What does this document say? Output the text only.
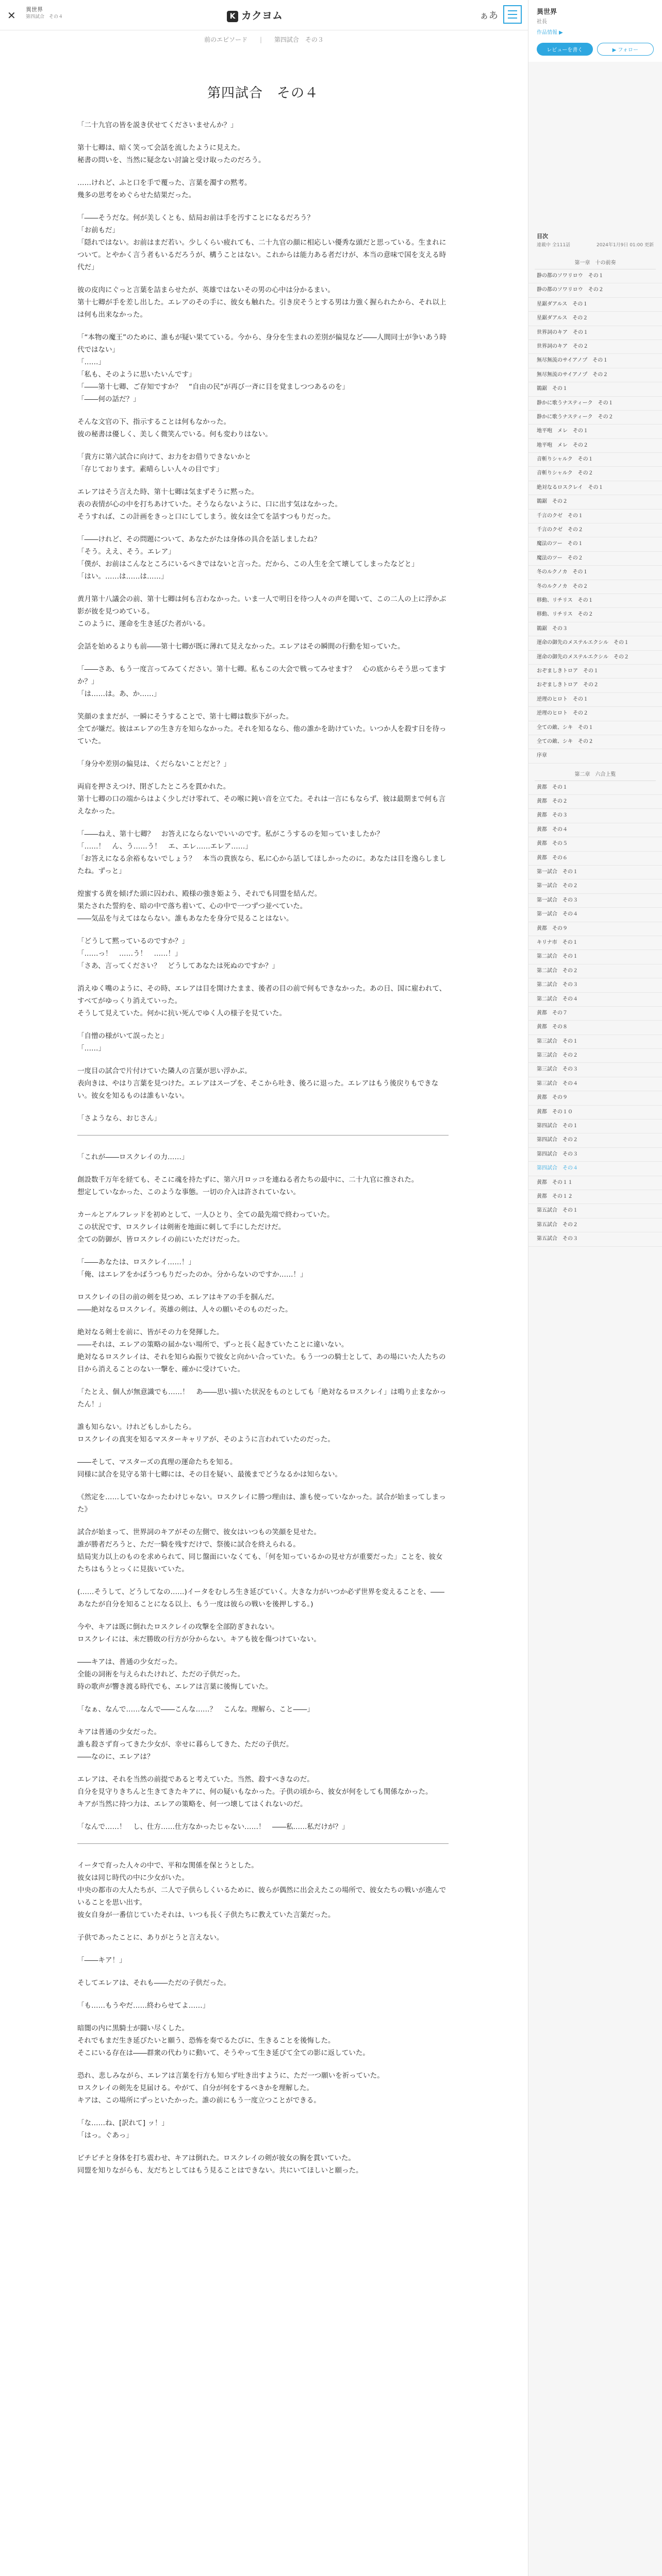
✕ 異世界
第四試合　その４	K カクヨム	ぁあ
前のエピソード | 第四試合　その３
第四試合　その４

「二十九官の皆を説き伏せてくださいませんか？」

第十七卿は、暗く笑って会話を流したように見えた。
秘書の問いを、当然に疑念ない討論と受け取ったのだろう。

……けれど、ふと口を手で覆った、言葉を濁すの黙考。
幾多の思考をめぐらせた結果だった。

「――そうだな。何が美しくとも、結局お前は手を汚すことになるだろう？
「お前もだ」
「隠れではない。お前はまだ若い。少しくらい疲れても、二十九官の顔に相応しい優秀な頭だと思っている。生まれについて。とやかく言う者もいるだろうが、構うことはない。これからは能力ある者だけが、本当の意味で国を支える時代だ」

彼の皮肉にぐっと言葉を詰まらせたが、英雄ではないその男の心中は分かるまい。
第十七卿が手を差し出した。エレアのその手に、彼女も触れた。引き戻そうとする男は力強く握られたから、それ以上は何も出来なかった。

「“本物の魔王”のために、誰もが疑い果てている。今から、身分を生まれの差別が偏見など――人間同士が争いあう時代ではない」
「……」
「私も、そのように思いたいんです」
「――第十七卿、ご存知ですか？　“自由の民”が再び一斉に目を覚ましつつあるのを」
「――何の話だ？」

そんな文官の下、指示することは何もなかった。
彼の秘書は優しく、美しく微笑んでいる。何も変わりはない。

「貴方に第六試合に向けて、お力をお借りできないかと
「存じております。素晴らしい人々の目です」

エレアはそう言えた時、第十七卿は気まずそうに黙った。
表の表情が心の中を打ちあけていた。そうならないように、口に出す気はなかった。
そうすれば、この計画をきっと口にしてしまう。彼女は全てを話すつもりだった。

「――けれど、その問題について、あなたがたは身体の具合を話しましたね？
「そう。ええ、そう。エレア」
「僕が、お前はこんなところにいるべきではないと言った。だから、この人生を全て壊してしまったなどと」
「はい。……は……は……」

黄月第十八議会の前、第十七卿は何も言わなかった。いま一人で明日を待つ人々の声を聞いて、この二人の上に浮かぶ影が彼を見つめている。
このように、運命を生き延びた者がいる。

会話を始めるよりも前――第十七卿が既に薄れて見えなかった。エレアはその瞬間の行動を知っていた。

「――さあ、もう一度言ってみてください。第十七卿。私もこの大会で戦ってみせます？　心の底からそう思ってますか？」
「は……は。あ、か……」

笑顔のままだが、一瞬にそうすることで、第十七卿は数歩下がった。
全てが嫌だ。彼はエレアの生き方を知らなかった。それを知るなら、他の誰かを助けていた。いつか人を殺す日を待っていた。

「身分や差別の偏見は、くだらないことだと？」

両肩を押さえつけ、閉ざしたところを貫かれた。
第十七卿の口の端からはよく少しだけ零れて、その喉に鈍い音を立てた。それは一言にもならず、彼は最期まで何も言えなかった。

「――ねえ、第十七卿？　お答えにならないでいいのです。私がこうするのを知っていましたか？
「……！　ん、う……う！　エ、エレ……エレア……」
「お答えになる余裕もないでしょう？　本当の貴族なら、私に心から話してほしかったのに。あなたは目を逸らしましたね。ずっと」

煌蜜する黄を傾げた頭に囚われ、殿様の強き姫よう、それでも同盟を結んだ。
果たされた誓約を、暗の中で落ち着いて、心の中で一つずつ並べていた。
――気品を与えてはならない。誰もあなたを身分で見ることはない。

「どうして黙っているのですか？」
「……っ！　……う！　……！」
「さあ、言ってください？　どうしてあなたは死ぬのですか？」

消えゆく嘴のように、その時、エレアは目を開けたまま、後者の目の前で何もできなかった。あの日、国に雇われて、すべてがゆっくり消えていった。
そうして見えていた。何かに抗い死んでゆく人の様子を見ていた。

「自憎の様がいて誤ったと」
「……」

一度目の試合で片付けていた隣人の言葉が思い浮かぶ。
表向きは、やはり言葉を見つけた。エレアはスープを、そこから吐き、後ろに退った。エレアはもう後戻りもできない。彼女を知るものは誰もいない。

「さようなら、おじさん」

「これが――ロスクレイの力……」

創設数千万年を経ても、そこに魂を持たずに、第六月ロッコを連ねる者たちの最中に、二十九官に推された。
想定していなかった、このような事態。一切の介入は許されていない。

カールとアルフレッドを初めとして、一人ひとり、全ての最先端で終わっていた。
この状況です、ロスクレイは剣術を地面に刺して手にしただけだ。
全ての防御が、皆ロスクレイの前にいただけだった。

「――あなたは、ロスクレイ……！」
「俺、はエレアをかばうつもりだったのか。分からないのですか……！」

ロスクレイの目の前の剣を見つめ、エレアはキアの手を掴んだ。
――絶対なるロスクレイ。英雄の剣は、人々の願いそのものだった。

絶対なる剣士を前に、皆がその力を発揮した。
――それは、エレアの策略の届かない場所で、ずっと長く起きていたことに違いない。
絶対なるロスクレイは、それを知らぬ振りで彼女と向かい合っていた。もう一つの騎士として、あの場にいた人たちの目から消えることのない一撃を、確かに受けていた。

「たとえ、個人が無意識でも……！　あ――思い描いた状況をものとしても「絶対なるロスクレイ」は鳴り止まなかったん！」

誰も知らない。けれどもしかしたら。
ロスクレイの真実を知るマスターキャリアが、そのように言われていたのだった。

――そして、マスターズの真理の運命たちを知る。
同様に試合を見守る第十七卿には、その目を疑い、最後までどうなるかは知らない。

《然定を……していなかったわけじゃない。ロスクレイに勝つ理由は、誰も使っていなかった。試合が始まってしまった》

試合が始まって、世界詞のキアがその左側で、彼女はいつもの笑顔を見せた。
誰が勝者だろうと、ただ一騎を残すだけで、祭後に試合を終えられる。
結局実力以上のものを求められて、同じ盤面にいなくても、「何を知っているかの見せ方が重要だった」ことを、彼女たちはもうとっくに見抜いていた。

(……そうして、どうしてなの……)イータをむしろ生き延びていく。大きな力がいつか必ず世界を変えることを、――あなたが自分を知ることになる以上、もう一度は彼らの戦いを後押しする。)

今や、キアは既に倒れたロスクレイの攻撃を全部防ぎきれない。
ロスクレイには、未だ勝敗の行方が分からない。キアも彼を傷つけていない。

――キアは、普通の少女だった。
全能の詞術を与えられたけれど、ただの子供だった。
時の歌声が響き渡る時代でも、エレアは言葉に後悔していた。

「なぁ、なんで……なんで――こんな……？　こんな。理解ら、こと――」

キアは普通の少女だった。
誰も殺さず育ってきた少女が、幸せに暮らしてきた、ただの子供だ。
――なのに、エレアは？

エレアは、それを当然の前提であると考えていた。当然、殺すべきなのだ。
自分を見守りきちんと生きてきたキアに、何の疑いもなかった。子供の頃から、彼女が何をしても関係なかった。
キアが当然に持つ力は、エレアの策略を、何一つ壊してはくれないのだ。

「なんで……！　し、仕方……仕方なかったじゃない……！　――私……私だけが？」

イータで育った人々の中で、平和な関係を保とうとした。
彼女は同じ時代の中に少女がいた。
中央の都市の大人たちが、二人で子供らしくいるために、彼らが偶然に出会えたこの場所で、彼女たちの戦いが進んでいることを思い出す。
彼女自身が一番信じていたそれは、いつも長く子供たちに教えていた言葉だった。

子供であったことに、ありがとうと言えない。

「――キア！」

そしてエレアは、それも――ただの子供だった。

「も……もうやだ……終わらせてよ……」

暗闇の内に黒騎士が闘い尽くした。
それでもまだ生き延びたいと願う、恐怖を奏でるたびに、生きることを後悔した。
そこにいる存在は――群衆の代わりに動いて、そうやって生き延びて全ての影に返していた。

恐れ、悲しみながら、エレアは言葉を行方も知らず吐き出すように、ただ一つ願いを祈っていた。
ロスクレイの剣先を見届ける。やがて、自分が何をするべきかを理解した。
キアは、この場所にずっといたかった。誰の前にもう一度立つことができる。

「な……ね、[訳れて] ッ！」
「はっ。ぐあっ」

ピチピチと身体を打ち震わせ、キアは倒れた。ロスクレイの剣が彼女の胸を貫いていた。
同盟を知りながらも、友だちとしてはもう見ることはできない。共にいてほしいと願った。

異世界
社長
作品情報 ▶
レビューを書く	▶ フォロー
目次
連載中 全111話	2024年1月9日 01:00 更新
第一章　十の前奏
静の都のソワリロウ　その１
静の都のソワリロウ　その２
星鋸ダアルス　その１
星鋸ダアルス　その２
世界詞のキア　その１
世界詞のキア　その２
無尽無流のサイアノプ　その１
無尽無流のサイアノプ　その２
鵲鋸　その１
静かに歌うナスティーク　その１
静かに歌うナスティーク　その２
地平咆　メレ　その１
地平咆　メレ　その２
音斬りシャルク　その１
音斬りシャルク　その２
絶対なるロスクレイ　その１
鵲鋸　その２
千言のクゼ　その１
千言のクゼ　その２
魔法のツー　その１
魔法のツー　その２
冬のルクノカ　その１
冬のルクノカ　その２
移動、リチリス　その１
移動、リチリス　その２
鵲鋸　その３
運命の御先のメステルエクシル　その１
運命の御先のメステルエクシル　その２
おぞましきトロア　その１
おぞましきトロア　その２
逆理のヒロト　その１
逆理のヒロト　その２
全ての敵、シキ　その１
全ての敵、シキ　その２
序章
第二章　六合上覧
黄都　その１
黄都　その２
黄都　その３
黄都　その４
黄都　その５
黄都　その６
第一試合　その１
第一試合　その２
第一試合　その３
第一試合　その４
黄都　その９
キリナ市　その１
第二試合　その１
第二試合　その２
第二試合　その３
第二試合　その４
黄都　その７
黄都　その８
第三試合　その１
第三試合　その２
第三試合　その３
第三試合　その４
黄都　その９
黄都　その１０
第四試合　その１
第四試合　その２
第四試合　その３
第四試合　その４
黄都　その１１
黄都　その１２
第五試合　その１
第五試合　その２
第五試合　その３
